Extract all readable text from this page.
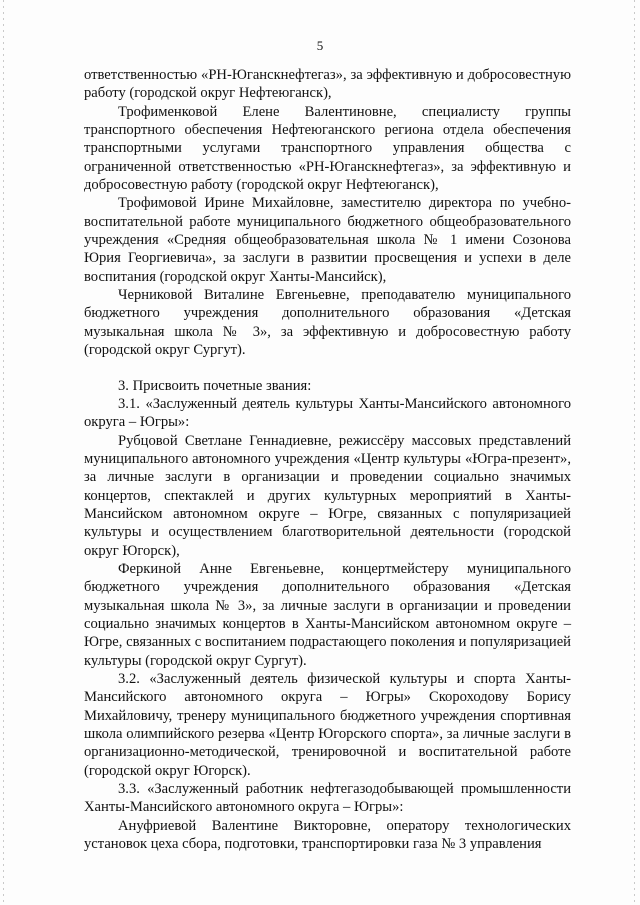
5

ответственностью «РН-Юганскнефтегаз», за эффективную и добросовестную работу (городской округ Нефтеюганск),

Трофименковой Елене Валентиновне, специалисту группы транспортного обеспечения Нефтеюганского региона отдела обеспечения транспортными услугами транспортного управления общества с ограниченной ответственностью «РН-Юганскнефтегаз», за эффективную и добросовестную работу (городской округ Нефтеюганск),

Трофимовой Ирине Михайловне, заместителю директора по учебно-воспитательной работе муниципального бюджетного общеобразовательного учреждения «Средняя общеобразовательная школа № 1 имени Созонова Юрия Георгиевича», за заслуги в развитии просвещения и успехи в деле воспитания (городской округ Ханты-Мансийск),

Черниковой Виталине Евгеньевне, преподавателю муниципального бюджетного учреждения дополнительного образования «Детская музыкальная школа № 3», за эффективную и добросовестную работу (городской округ Сургут).

3. Присвоить почетные звания:

3.1. «Заслуженный деятель культуры Ханты-Мансийского автономного округа – Югры»:

Рубцовой Светлане Геннадиевне, режиссёру массовых представлений муниципального автономного учреждения «Центр культуры «Югра-презент», за личные заслуги в организации и проведении социально значимых концертов, спектаклей и других культурных мероприятий в Ханты-Мансийском автономном округе – Югре, связанных с популяризацией культуры и осуществлением благотворительной деятельности (городской округ Югорск),

Феркиной Анне Евгеньевне, концертмейстеру муниципального бюджетного учреждения дополнительного образования «Детская музыкальная школа № 3», за личные заслуги в организации и проведении социально значимых концертов в Ханты-Мансийском автономном округе – Югре, связанных с воспитанием подрастающего поколения и популяризацией культуры (городской округ Сургут).

3.2. «Заслуженный деятель физической культуры и спорта Ханты-Мансийского автономного округа – Югры» Скороходову Борису Михайловичу, тренеру муниципального бюджетного учреждения спортивная школа олимпийского резерва «Центр Югорского спорта», за личные заслуги в организационно-методической, тренировочной и воспитательной работе (городской округ Югорск).

3.3. «Заслуженный работник нефтегазодобывающей промышленности Ханты-Мансийского автономного округа – Югры»:

Ануфриевой Валентине Викторовне, оператору технологических установок цеха сбора, подготовки, транспортировки газа № 3 управления
